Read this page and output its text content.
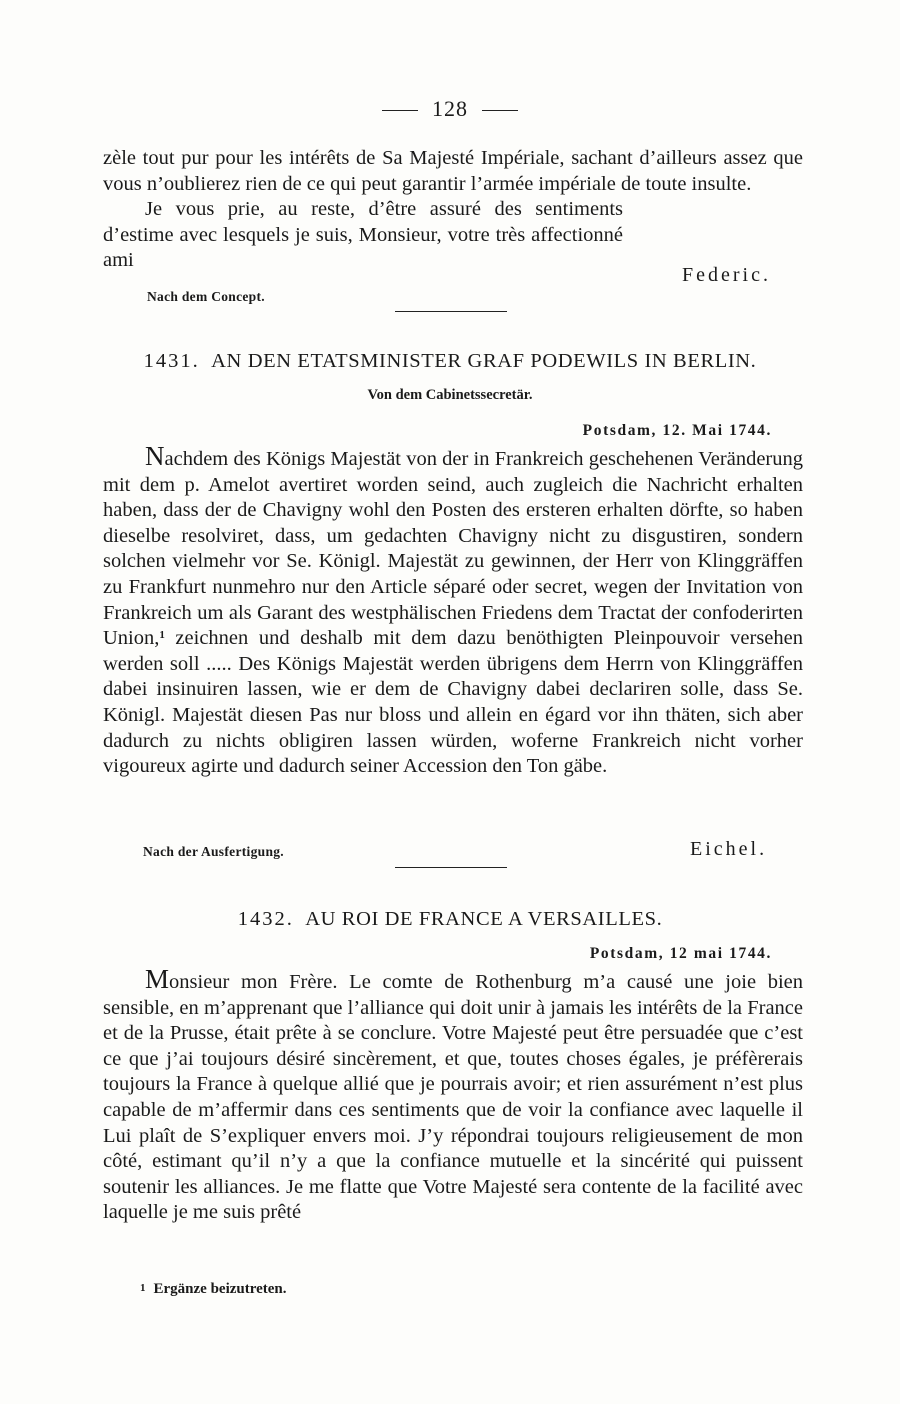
128

zèle tout pur pour les intérêts de Sa Majesté Impériale, sachant d’ailleurs assez que vous n’oublierez rien de ce qui peut garantir l’armée impériale de toute insulte.

Je vous prie, au reste, d’être assuré des sentiments d’estime avec lesquels je suis, Monsieur, votre très affectionné ami

Federic.
Nach dem Concept.
1431. AN DEN ETATSMINISTER GRAF PODEWILS IN BERLIN.
Von dem Cabinetssecretär.
Potsdam, 12. Mai 1744.

Nachdem des Königs Majestät von der in Frankreich geschehenen Veränderung mit dem p. Amelot avertiret worden seind, auch zugleich die Nachricht erhalten haben, dass der de Chavigny wohl den Posten des ersteren erhalten dörfte, so haben dieselbe resolviret, dass, um gedachten Chavigny nicht zu disgustiren, sondern solchen vielmehr vor Se. Königl. Majestät zu gewinnen, der Herr von Klinggräffen zu Frankfurt nunmehro nur den Article séparé oder secret, wegen der Invitation von Frankreich um als Garant des westphälischen Friedens dem Tractat der confoderirten Union,$^1$ zeichnen und deshalb mit dem dazu benöthigten Pleinpouvoir versehen werden soll ..... Des Königs Majestät werden übrigens dem Herrn von Klinggräffen dabei insinuiren lassen, wie er dem de Chavigny dabei declariren solle, dass Se. Königl. Majestät diesen Pas nur bloss und allein en égard vor ihn thäten, sich aber dadurch zu nichts obligiren lassen würden, woferne Frankreich nicht vorher vigoureux agirte und dadurch seiner Accession den Ton gäbe.

Nach der Ausfertigung.	Eichel.
1432. AU ROI DE FRANCE A VERSAILLES.
Potsdam, 12 mai 1744.

Monsieur mon Frère. Le comte de Rothenburg m’a causé une joie bien sensible, en m’apprenant que l’alliance qui doit unir à jamais les intérêts de la France et de la Prusse, était prête à se conclure. Votre Majesté peut être persuadée que c’est ce que j’ai toujours désiré sincèrement, et que, toutes choses égales, je préfèrerais toujours la France à quelque allié que je pourrais avoir; et rien assurément n’est plus capable de m’affermir dans ces sentiments que de voir la confiance avec laquelle il Lui plaît de S’expliquer envers moi. J’y répondrai toujours religieusement de mon côté, estimant qu’il n’y a que la confiance mutuelle et la sincérité qui puissent soutenir les alliances. Je me flatte que Votre Majesté sera contente de la facilité avec laquelle je me suis prêté

1 Ergänze beizutreten.
